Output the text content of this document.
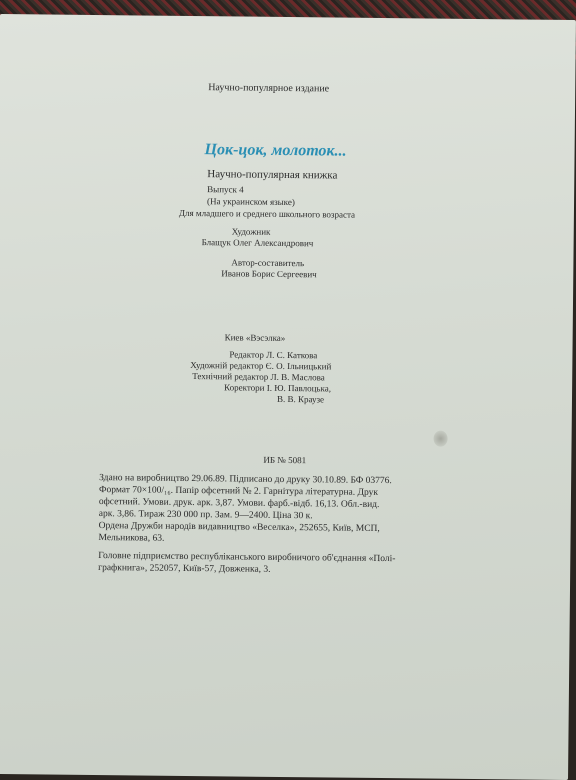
Научно-популярное издание
Цок-цок, молоток...
Научно-популярная книжка
Выпуск 4
(На украинском языке)
Для младшего и среднего школьного возраста
Художник
Блащук Олег Александрович
Автор-составитель
Иванов Борис Сергеевич
Киев «Вэсэлка»
Редактор Л. С. Каткова
Художній редактор Є. О. Ільницький
Технічний редактор Л. В. Маслова
Коректори І. Ю. Павлоцька,
В. В. Краузе
ИБ № 5081
Здано на виробництво 29.06.89. Підписано до друку 30.10.89. БФ 03776.
Формат 70×100/₁₆. Папір офсетний № 2. Гарнітура літературна. Друк
офсетний. Умови. друк. арк. 3,87. Умови. фарб.-відб. 16,13. Обл.-вид.
арк. 3,86. Тираж 230 000 пр. Зам. 9—2400. Ціна 30 к.
Ордена Дружби народів видавництво «Веселка», 252655, Київ, МСП,
Мельникова, 63.
Головне підприємство республіканського виробничого об'єднання «Полі-
графкнига», 252057, Київ-57, Довженка, 3.
